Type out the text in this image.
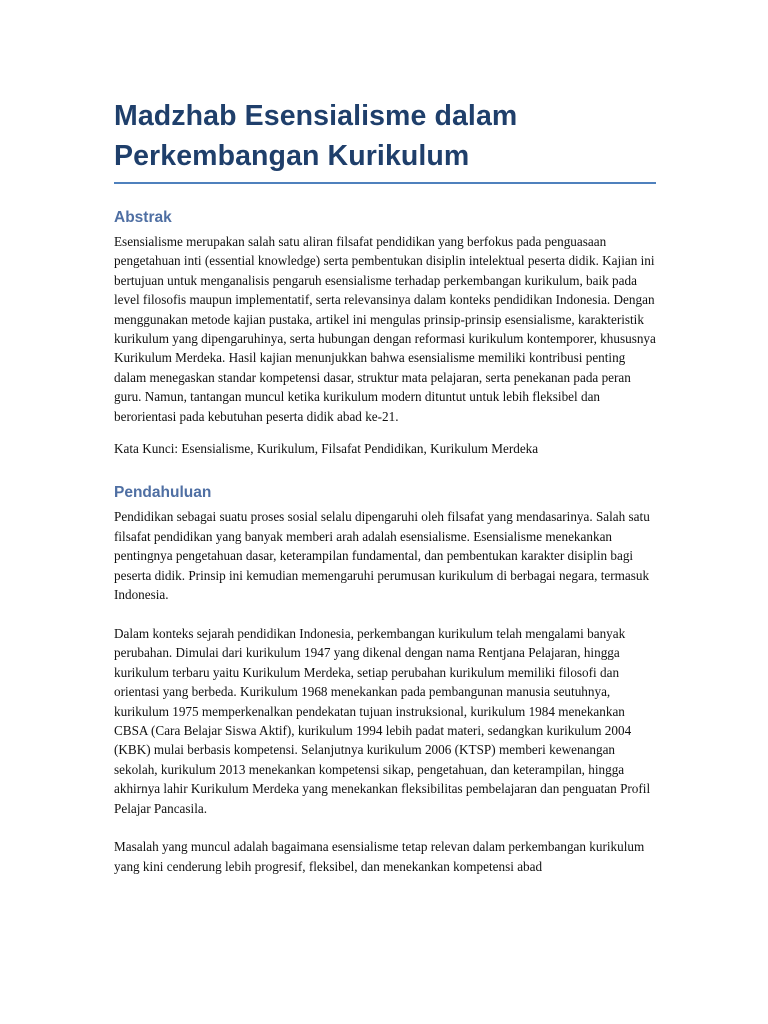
Madzhab Esensialisme dalam
Perkembangan Kurikulum
Abstrak

Esensialisme merupakan salah satu aliran filsafat pendidikan yang berfokus pada penguasaan pengetahuan inti (essential knowledge) serta pembentukan disiplin intelektual peserta didik. Kajian ini bertujuan untuk menganalisis pengaruh esensialisme terhadap perkembangan kurikulum, baik pada level filosofis maupun implementatif, serta relevansinya dalam konteks pendidikan Indonesia. Dengan menggunakan metode kajian pustaka, artikel ini mengulas prinsip-prinsip esensialisme, karakteristik kurikulum yang dipengaruhinya, serta hubungan dengan reformasi kurikulum kontemporer, khususnya Kurikulum Merdeka. Hasil kajian menunjukkan bahwa esensialisme memiliki kontribusi penting dalam menegaskan standar kompetensi dasar, struktur mata pelajaran, serta penekanan pada peran guru. Namun, tantangan muncul ketika kurikulum modern dituntut untuk lebih fleksibel dan berorientasi pada kebutuhan peserta didik abad ke-21.

Kata Kunci: Esensialisme, Kurikulum, Filsafat Pendidikan, Kurikulum Merdeka

Pendahuluan

Pendidikan sebagai suatu proses sosial selalu dipengaruhi oleh filsafat yang mendasarinya. Salah satu filsafat pendidikan yang banyak memberi arah adalah esensialisme. Esensialisme menekankan pentingnya pengetahuan dasar, keterampilan fundamental, dan pembentukan karakter disiplin bagi peserta didik. Prinsip ini kemudian memengaruhi perumusan kurikulum di berbagai negara, termasuk Indonesia.

Dalam konteks sejarah pendidikan Indonesia, perkembangan kurikulum telah mengalami banyak perubahan. Dimulai dari kurikulum 1947 yang dikenal dengan nama Rentjana Pelajaran, hingga kurikulum terbaru yaitu Kurikulum Merdeka, setiap perubahan kurikulum memiliki filosofi dan orientasi yang berbeda. Kurikulum 1968 menekankan pada pembangunan manusia seutuhnya, kurikulum 1975 memperkenalkan pendekatan tujuan instruksional, kurikulum 1984 menekankan CBSA (Cara Belajar Siswa Aktif), kurikulum 1994 lebih padat materi, sedangkan kurikulum 2004 (KBK) mulai berbasis kompetensi. Selanjutnya kurikulum 2006 (KTSP) memberi kewenangan sekolah, kurikulum 2013 menekankan kompetensi sikap, pengetahuan, dan keterampilan, hingga akhirnya lahir Kurikulum Merdeka yang menekankan fleksibilitas pembelajaran dan penguatan Profil Pelajar Pancasila.

Masalah yang muncul adalah bagaimana esensialisme tetap relevan dalam perkembangan kurikulum yang kini cenderung lebih progresif, fleksibel, dan menekankan kompetensi abad
